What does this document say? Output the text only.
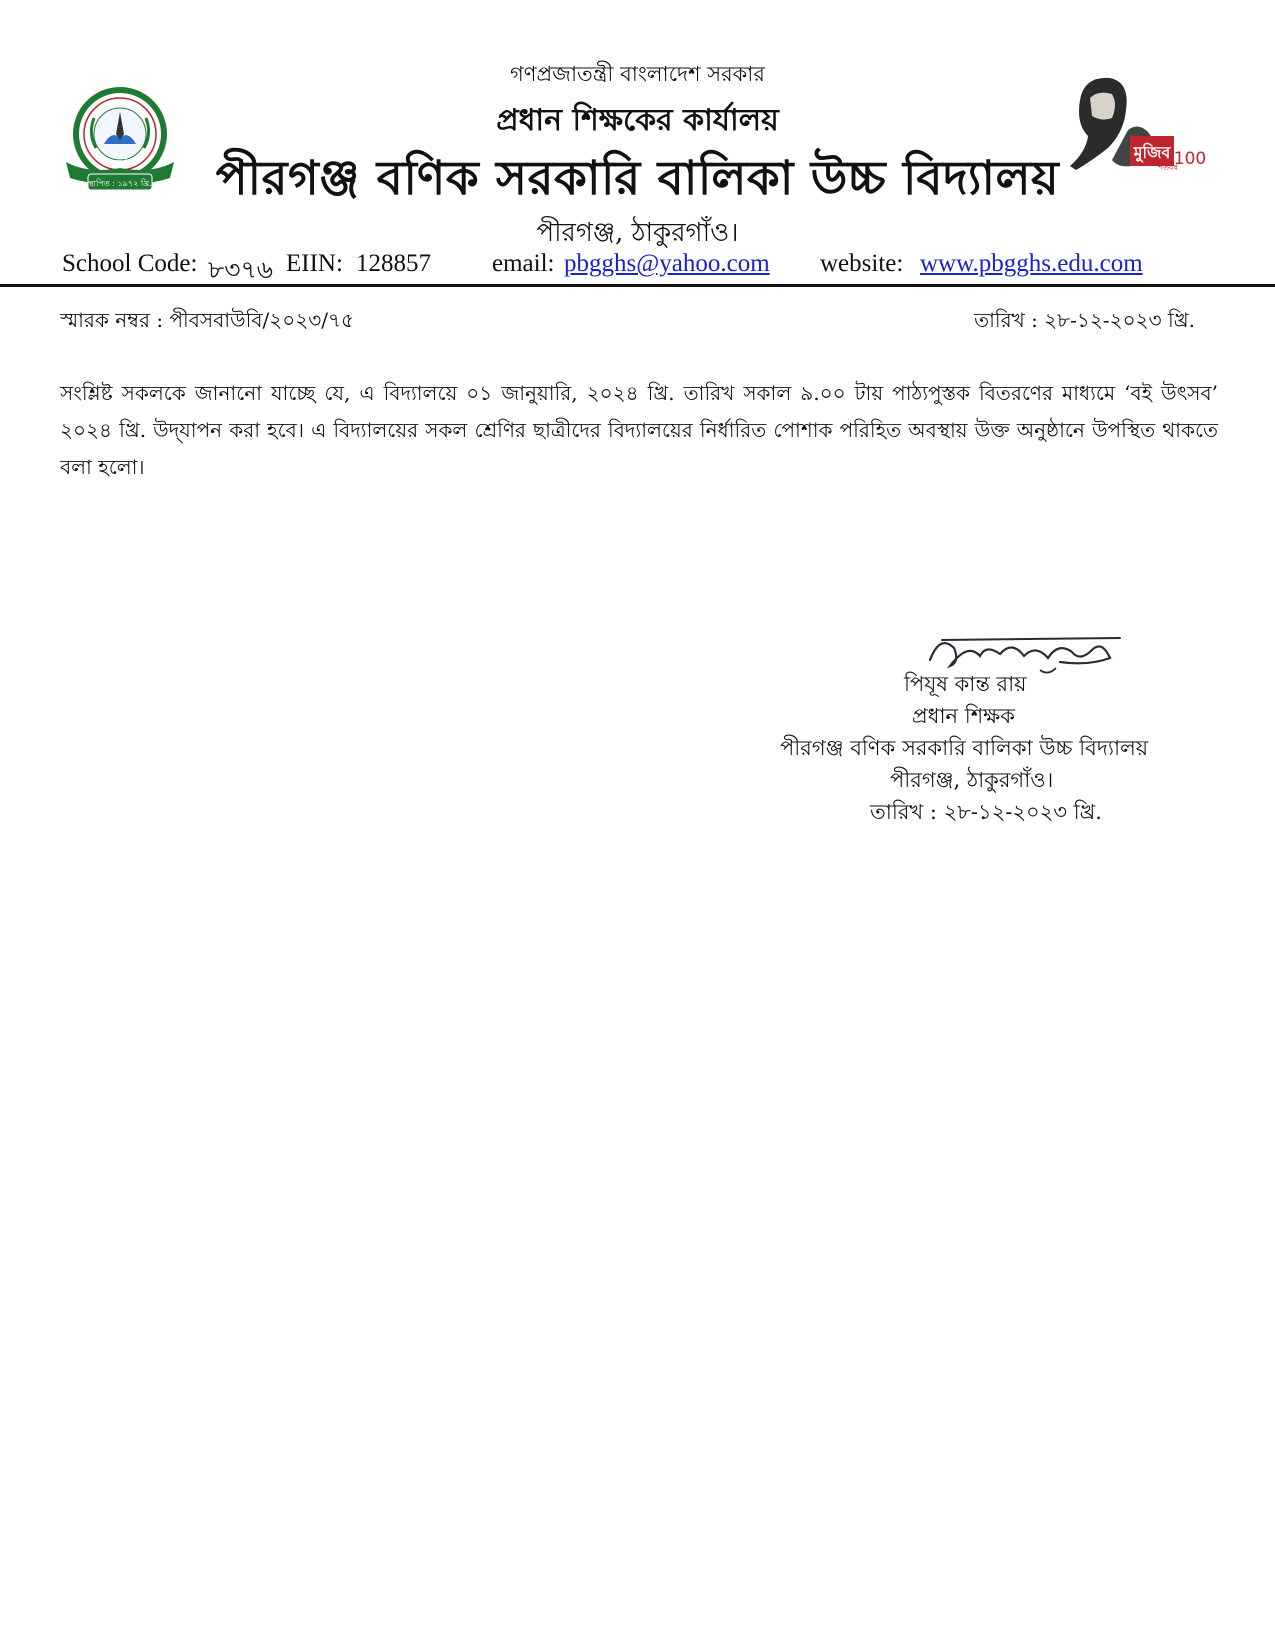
স্থাপিত : ১৯৭২ খ্রি.
ঠাকুরগাঁও
মুজিব
শতবর্ষ
100
গণপ্রজাতন্ত্রী বাংলাদেশ সরকার
প্রধান শিক্ষকের কার্যালয়
পীরগঞ্জ বণিক সরকারি বালিকা উচ্চ বিদ্যালয়
পীরগঞ্জ, ঠাকুরগাঁও।
School Code: ৮৩৭৬ EIIN: 128857 email: pbgghs@yahoo.com website: www.pbgghs.edu.com
স্মারক নম্বর : পীবসবাউবি/২০২৩/৭৫	তারিখ : ২৮-১২-২০২৩ খ্রি.
সংশ্লিষ্ট সকলকে জানানো যাচ্ছে যে, এ বিদ্যালয়ে ০১ জানুয়ারি, ২০২৪ খ্রি. তারিখ সকাল ৯.০০ টায় পাঠ্যপুস্তক বিতরণের মাধ্যমে ‘বই উৎসব’ ২০২৪ খ্রি. উদ্‌যাপন করা হবে। এ বিদ্যালয়ের সকল শ্রেণির ছাত্রীদের বিদ্যালয়ের নির্ধারিত পোশাক পরিহিত অবস্থায় উক্ত অনুষ্ঠানে উপস্থিত থাকতে বলা হলো।
পিযূষ কান্ত রায়
প্রধান শিক্ষক
পীরগঞ্জ বণিক সরকারি বালিকা উচ্চ বিদ্যালয়
পীরগঞ্জ, ঠাকুরগাঁও।
তারিখ : ২৮-১২-২০২৩ খ্রি.
